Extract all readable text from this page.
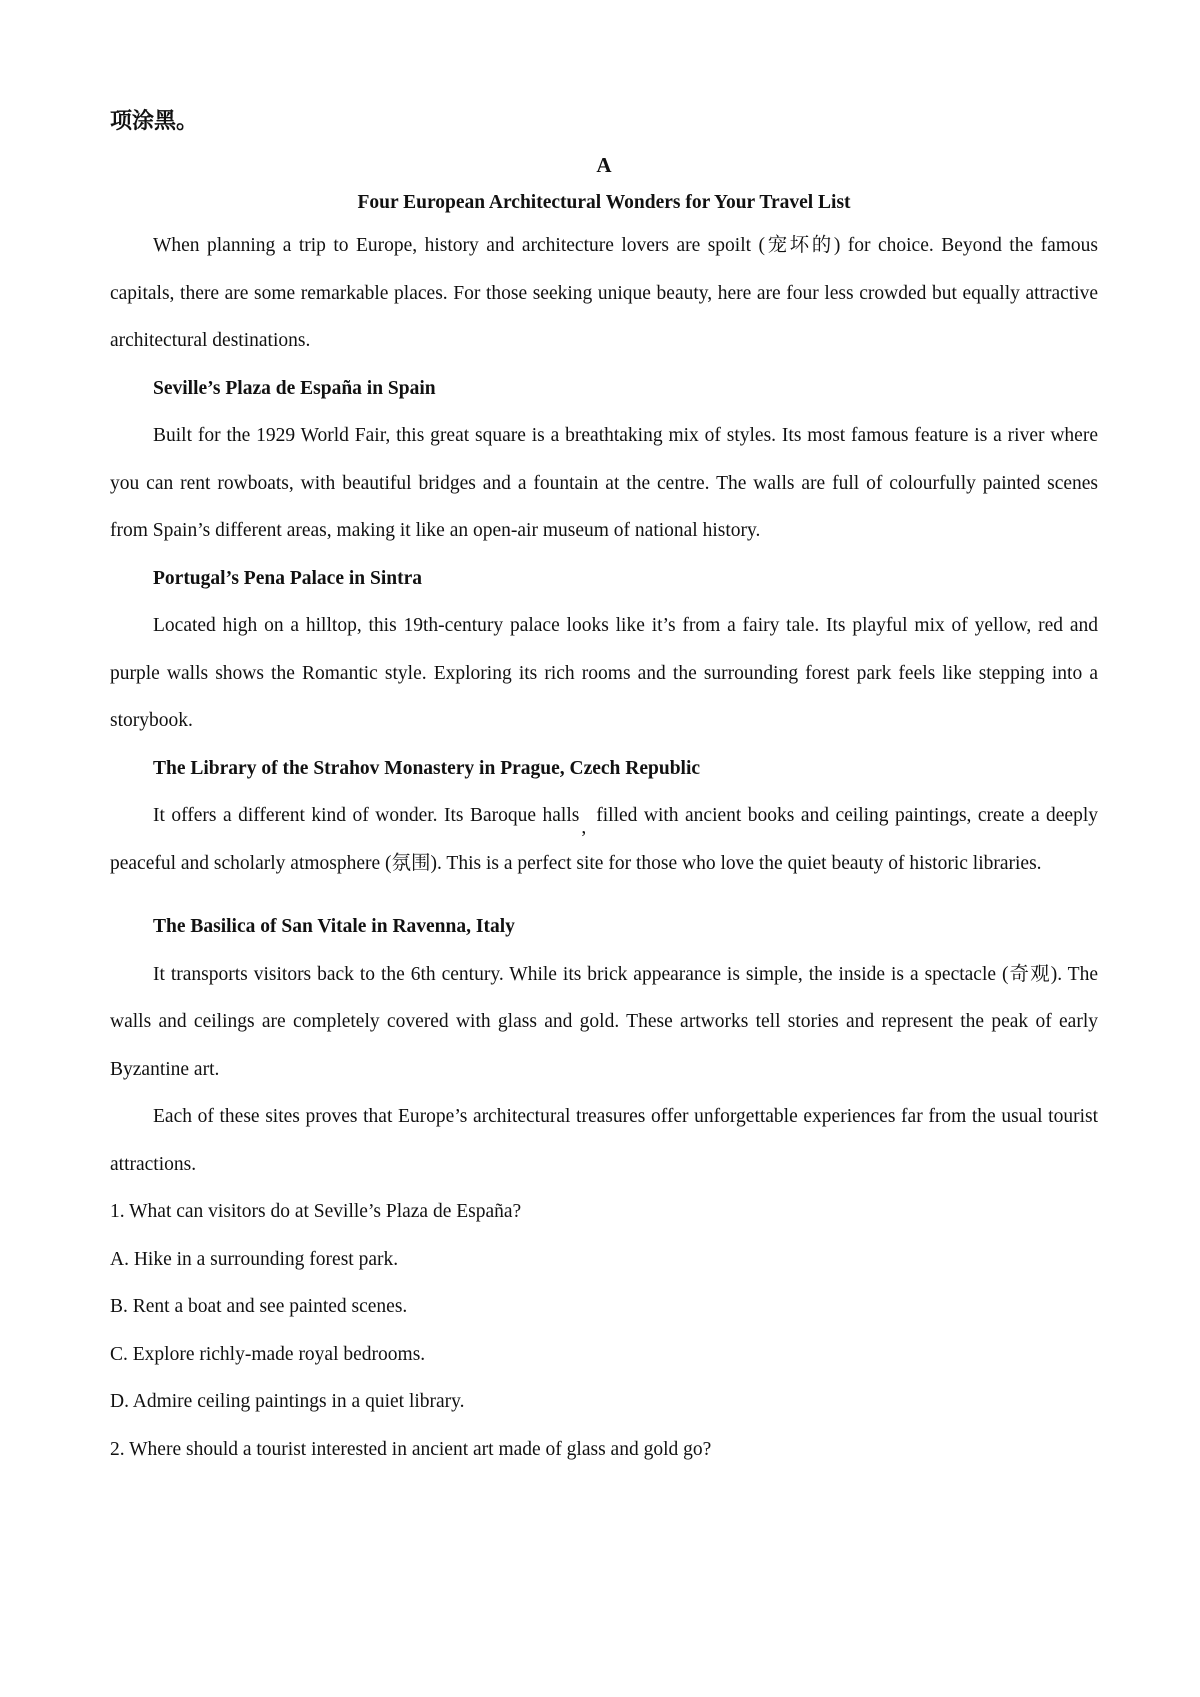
项涂黑。
A
Four European Architectural Wonders for Your Travel List

When planning a trip to Europe, history and architecture lovers are spoilt (宠坏的) for choice. Beyond the famous capitals, there are some remarkable places. For those seeking unique beauty, here are four less crowded but equally attractive architectural destinations.

Seville’s Plaza de España in Spain

Built for the 1929 World Fair, this great square is a breathtaking mix of styles. Its most famous feature is a river where you can rent rowboats, with beautiful bridges and a fountain at the centre. The walls are full of colourfully painted scenes from Spain’s different areas, making it like an open-air museum of national history.

Portugal’s Pena Palace in Sintra

Located high on a hilltop, this 19th-century palace looks like it’s from a fairy tale. Its playful mix of yellow, red and purple walls shows the Romantic style. Exploring its rich rooms and the surrounding forest park feels like stepping into a storybook.

The Library of the Strahov Monastery in Prague, Czech Republic

It offers a different kind of wonder. Its Baroque halls,filled with ancient books and ceiling paintings, create a deeply peaceful and scholarly atmosphere (氛围). This is a perfect site for those who love the quiet beauty of historic libraries.

The Basilica of San Vitale in Ravenna, Italy

It transports visitors back to the 6th century. While its brick appearance is simple, the inside is a spectacle (奇观). The walls and ceilings are completely covered with glass and gold. These artworks tell stories and represent the peak of early Byzantine art.

Each of these sites proves that Europe’s architectural treasures offer unforgettable experiences far from the usual tourist attractions.

1. What can visitors do at Seville’s Plaza de España?

A. Hike in a surrounding forest park.

B. Rent a boat and see painted scenes.

C. Explore richly-made royal bedrooms.

D. Admire ceiling paintings in a quiet library.

2. Where should a tourist interested in ancient art made of glass and gold go?
